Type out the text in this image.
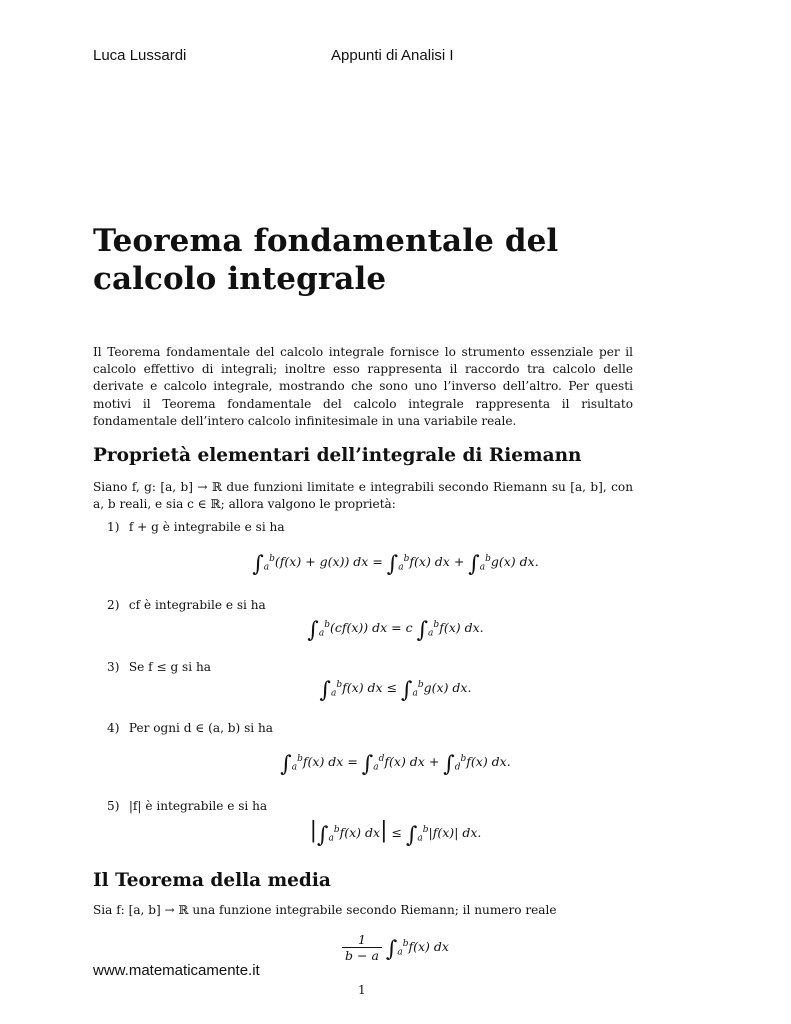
Luca Lussardi	Appunti di Analisi I
Teorema fondamentale del calcolo integrale
Il Teorema fondamentale del calcolo integrale fornisce lo strumento essenziale per il calcolo effettivo di integrali; inoltre esso rappresenta il raccordo tra calcolo delle derivate e calcolo integrale, mostrando che sono uno l’inverso dell’altro. Per questi motivi il Teorema fondamentale del calcolo integrale rappresenta il risultato fondamentale dell’intero calcolo infinitesimale in una variabile reale.
Proprietà elementari dell’integrale di Riemann
Siano f, g: [a, b] → ℝ due funzioni limitate e integrabili secondo Riemann su [a, b], con a, b reali, e sia c ∈ ℝ; allora valgono le proprietà:
1) f + g è integrabile e si ha
$\int_a^b(f(x) + g(x))$ dx = $\int_a^bf(x)$ dx + $\int_a^bg(x)$ dx.
2) cf è integrabile e si ha
$\int_a^b(cf(x))$ dx = c $\int_a^bf(x)$ dx.
3) Se f ≤ g si ha
$\int_a^bf(x)$ dx ≤ $\int_a^bg(x)$ dx.
4) Per ogni d ∈ (a, b) si ha
$\int_a^bf(x)$ dx = $\int_a^df(x)$ dx + $\int_d^bf(x)$ dx.
5) |f| è integrabile e si ha
$|\int_a^bf(x) dx| \le \int_a^b|f(x)|$ dx.
Il Teorema della media
Sia f: [a, b] → ℝ una funzione integrabile secondo Riemann; il numero reale
$\frac{1}{b - a} \int_a^bf(x)$ dx
www.matematicamente.it
1
